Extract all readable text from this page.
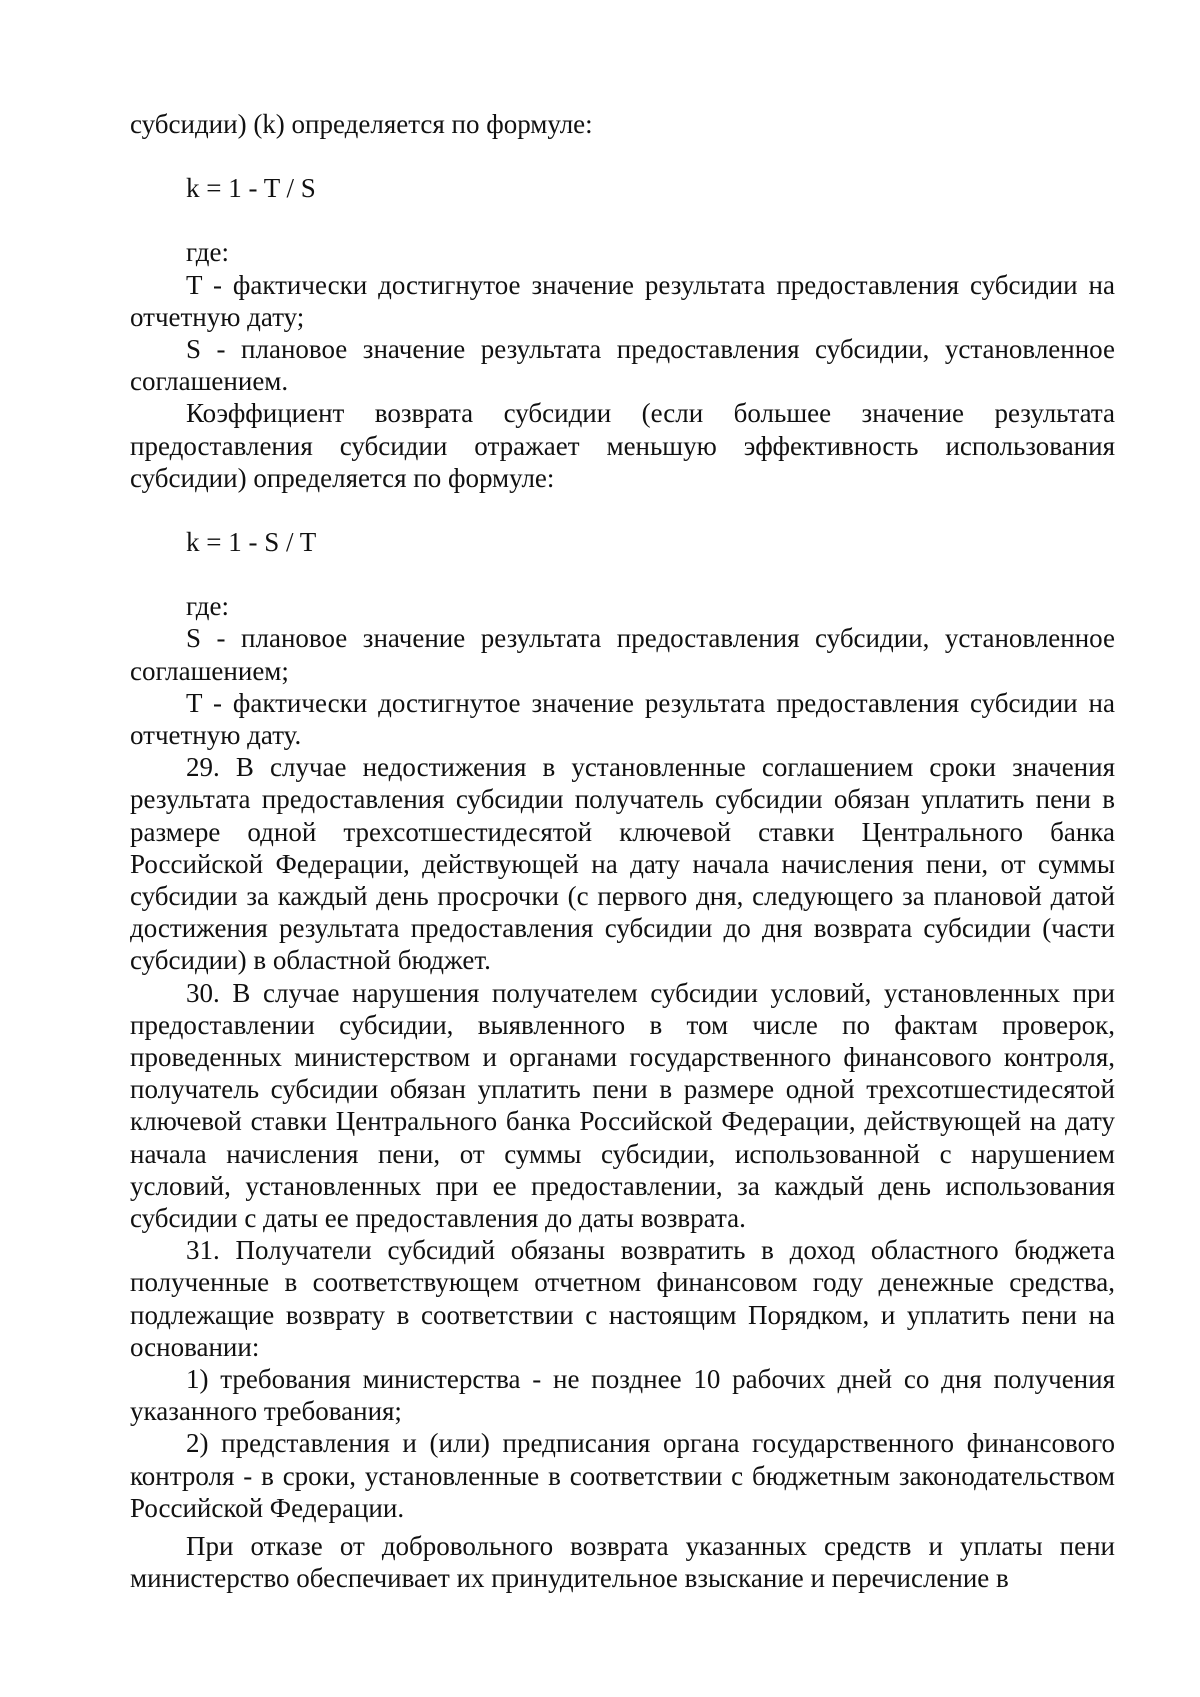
субсидии) (k) определяется по формуле:

k = 1 - T / S

где:

T - фактически достигнутое значение результата предоставления субсидии на отчетную дату;

S - плановое значение результата предоставления субсидии, установленное соглашением.

Коэффициент возврата субсидии (если большее значение результата предоставления субсидии отражает меньшую эффективность использования субсидии) определяется по формуле:

k = 1 - S / T

где:

S - плановое значение результата предоставления субсидии, установленное соглашением;

T - фактически достигнутое значение результата предоставления субсидии на отчетную дату.

29. В случае недостижения в установленные соглашением сроки значения результата предоставления субсидии получатель субсидии обязан уплатить пени в размере одной трехсотшестидесятой ключевой ставки Центрального банка Российской Федерации, действующей на дату начала начисления пени, от суммы субсидии за каждый день просрочки (с первого дня, следующего за плановой датой достижения результата предоставления субсидии до дня возврата субсидии (части субсидии) в областной бюджет.

30. В случае нарушения получателем субсидии условий, установленных при предоставлении субсидии, выявленного в том числе по фактам проверок, проведенных министерством и органами государственного финансового контроля, получатель субсидии обязан уплатить пени в размере одной трехсотшестидесятой ключевой ставки Центрального банка Российской Федерации, действующей на дату начала начисления пени, от суммы субсидии, использованной с нарушением условий, установленных при ее предоставлении, за каждый день использования субсидии с даты ее предоставления до даты возврата.

31. Получатели субсидий обязаны возвратить в доход областного бюджета полученные в соответствующем отчетном финансовом году денежные средства, подлежащие возврату в соответствии с настоящим Порядком, и уплатить пени на основании:

1) требования министерства - не позднее 10 рабочих дней со дня получения указанного требования;

2) представления и (или) предписания органа государственного финансового контроля - в сроки, установленные в соответствии с бюджетным законодательством Российской Федерации.

При отказе от добровольного возврата указанных средств и уплаты пени министерство обеспечивает их принудительное взыскание и перечисление в
